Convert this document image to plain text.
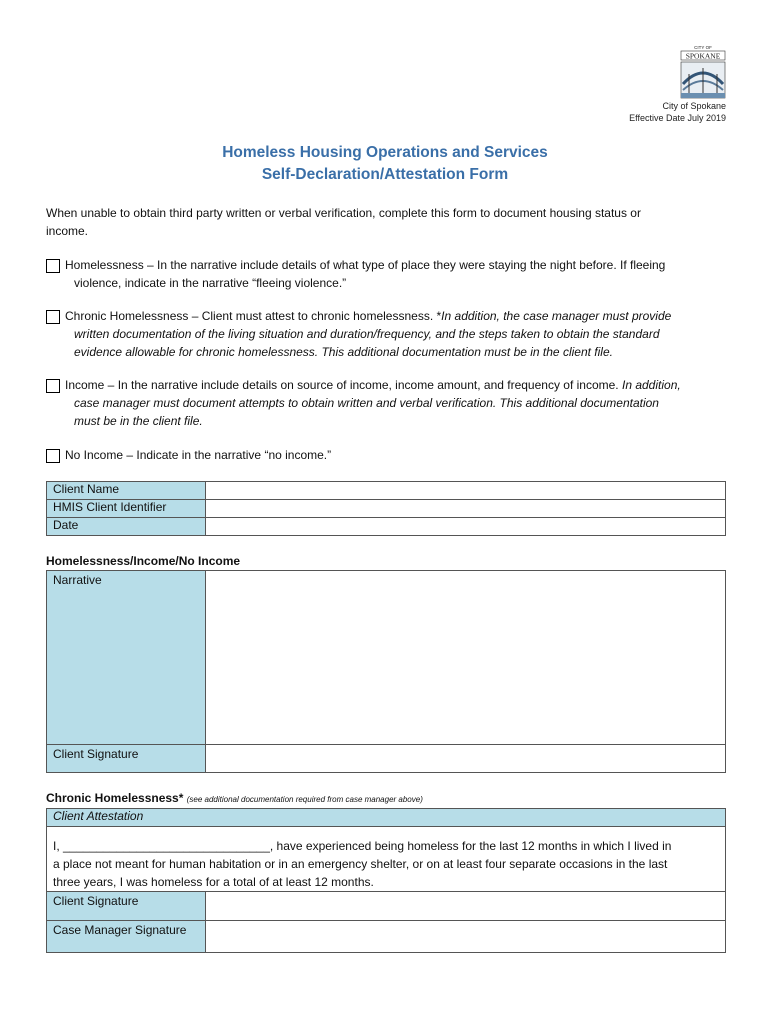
CITY OF
SPOKANE
City of Spokane
Effective Date July 2019
Homeless Housing Operations and Services
Self-Declaration/Attestation Form
When unable to obtain third party written or verbal verification, complete this form to document housing status or
income.
Homelessness – In the narrative include details of what type of place they were staying the night before. If fleeing
violence, indicate in the narrative “fleeing violence.”
Chronic Homelessness – Client must attest to chronic homelessness. *In addition, the case manager must provide
written documentation of the living situation and duration/frequency, and the steps taken to obtain the standard
evidence allowable for chronic homelessness. This additional documentation must be in the client file.
Income – In the narrative include details on source of income, income amount, and frequency of income. In addition,
case manager must document attempts to obtain written and verbal verification. This additional documentation
must be in the client file.
No Income – Indicate in the narrative “no income.”
Client Name	
HMIS Client Identifier	
Date	
Homelessness/Income/No Income
Narrative	
Client Signature	
Chronic Homelessness* (see additional documentation required from case manager above)
Client Attestation	

I, _______________________________, have experienced being homeless for the last 12 months in which I lived in
a place not meant for human habitation or in an emergency shelter, or on at least four separate occasions in the last
three years, I was homeless for a total of at least 12 months.	

Client Signature	
Case Manager Signature	
